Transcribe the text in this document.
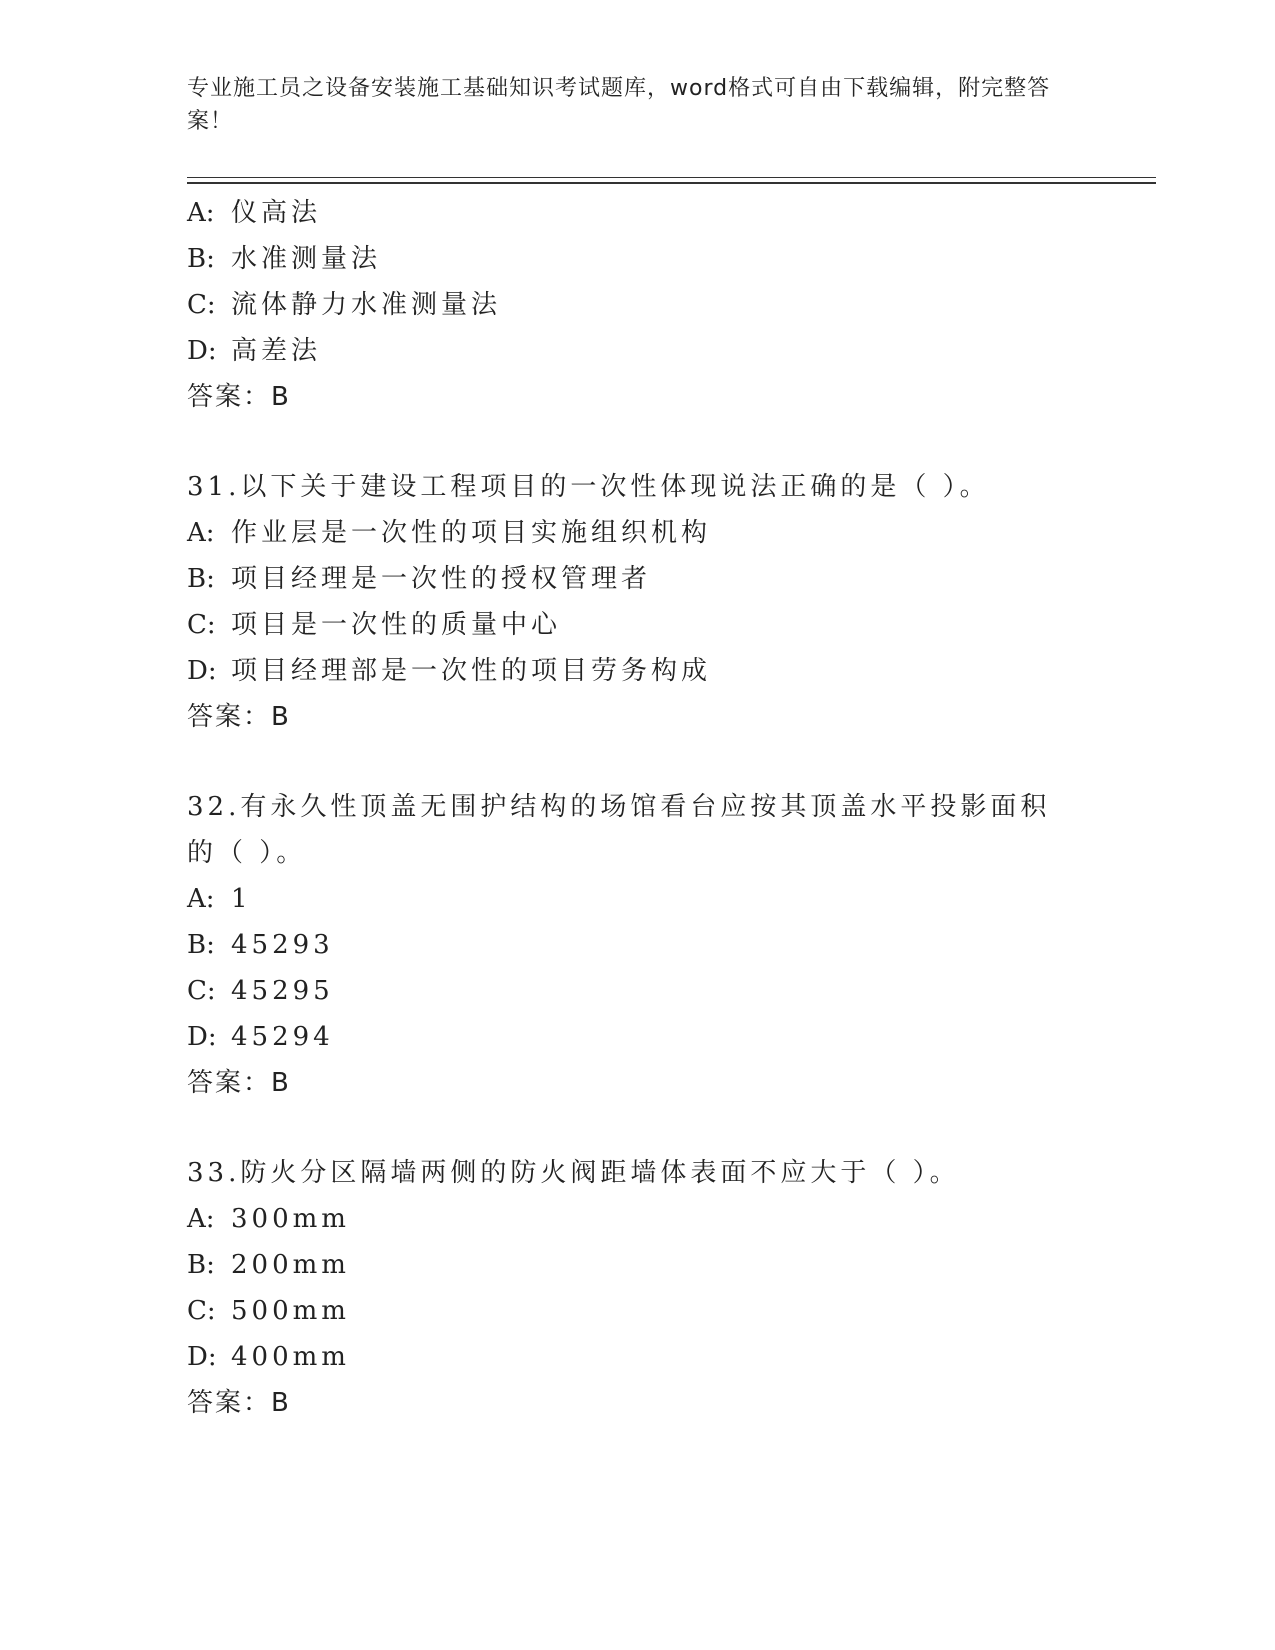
专业施工员之设备安装施工基础知识考试题库，word格式可自由下载编辑，附完整答案！
A: 仪高法
B: 水准测量法
C: 流体静力水准测量法
D: 高差法
答案：B
31.以下关于建设工程项目的一次性体现说法正确的是（ ）。
A: 作业层是一次性的项目实施组织机构
B: 项目经理是一次性的授权管理者
C: 项目是一次性的质量中心
D: 项目经理部是一次性的项目劳务构成
答案：B
32.有永久性顶盖无围护结构的场馆看台应按其顶盖水平投影面积的（ ）。
A: 1
B: 45293
C: 45295
D: 45294
答案：B
33.防火分区隔墙两侧的防火阀距墙体表面不应大于（ ）。
A: 300mm
B: 200mm
C: 500mm
D: 400mm
答案：B
